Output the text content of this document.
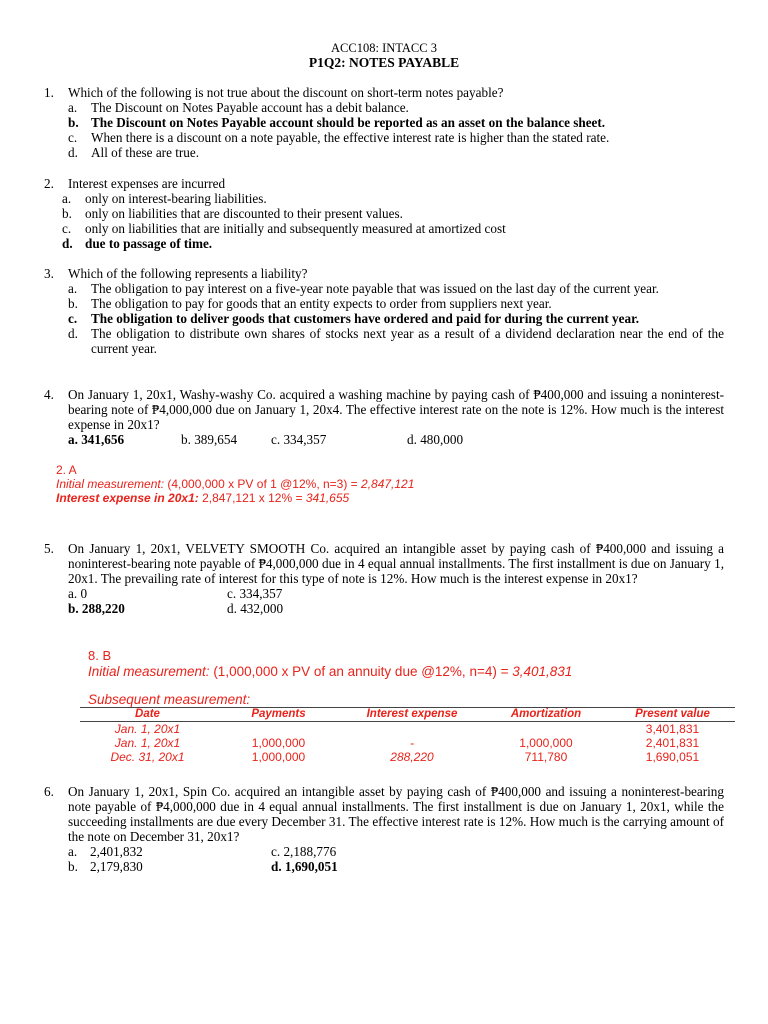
ACC108: INTACC 3
P1Q2: NOTES PAYABLE
1. Which of the following is not true about the discount on short-term notes payable?
a. The Discount on Notes Payable account has a debit balance.
b. The Discount on Notes Payable account should be reported as an asset on the balance sheet.
c. When there is a discount on a note payable, the effective interest rate is higher than the stated rate.
d. All of these are true.
2. Interest expenses are incurred
a. only on interest-bearing liabilities.
b. only on liabilities that are discounted to their present values.
c. only on liabilities that are initially and subsequently measured at amortized cost
d. due to passage of time.
3. Which of the following represents a liability?
a. The obligation to pay interest on a five-year note payable that was issued on the last day of the current year.
b. The obligation to pay for goods that an entity expects to order from suppliers next year.
c. The obligation to deliver goods that customers have ordered and paid for during the current year.
d. The obligation to distribute own shares of stocks next year as a result of a dividend declaration near the end of the current year.
4. On January 1, 20x1, Washy-washy Co. acquired a washing machine by paying cash of ₱400,000 and issuing a noninterest-bearing note of ₱4,000,000 due on January 1, 20x4. The effective interest rate on the note is 12%. How much is the interest expense in 20x1?
a. 341,656	b. 389,654	c. 334,357	d. 480,000
2. A
Initial measurement: (4,000,000 x PV of 1 @12%, n=3) = 2,847,121
Interest expense in 20x1: 2,847,121 x 12% = 341,655
5. On January 1, 20x1, VELVETY SMOOTH Co. acquired an intangible asset by paying cash of ₱400,000 and issuing a noninterest-bearing note payable of ₱4,000,000 due in 4 equal annual installments. The first installment is due on January 1, 20x1. The prevailing rate of interest for this type of note is 12%. How much is the interest expense in 20x1?
a. 0	c. 334,357
b. 288,220	d. 432,000
8. B
Initial measurement: (1,000,000 x PV of an annuity due @12%, n=4) = 3,401,831
Subsequent measurement:
Date	Payments	Interest expense	Amortization	Present value
Jan. 1, 20x1				3,401,831
Jan. 1, 20x1	1,000,000	-	1,000,000	2,401,831
Dec. 31, 20x1	1,000,000	288,220	711,780	1,690,051
6. On January 1, 20x1, Spin Co. acquired an intangible asset by paying cash of ₱400,000 and issuing a noninterest-bearing note payable of ₱4,000,000 due in 4 equal annual installments. The first installment is due on January 1, 20x1, while the succeeding installments are due every December 31. The effective interest rate is 12%. How much is the carrying amount of the note on December 31, 20x1?
a. 2,401,832	c. 2,188,776
b. 2,179,830	d. 1,690,051
